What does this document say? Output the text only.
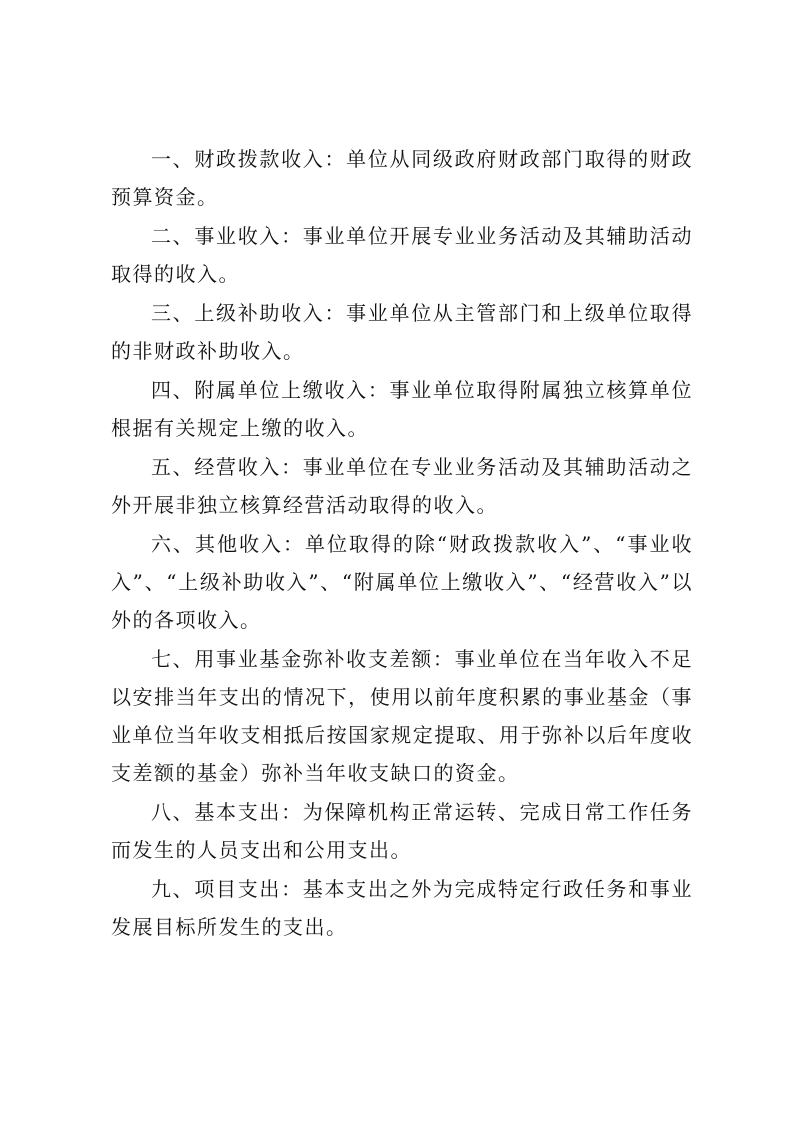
一、财政拨款收入：单位从同级政府财政部门取得的财政预算资金。

二、事业收入：事业单位开展专业业务活动及其辅助活动取得的收入。

三、上级补助收入：事业单位从主管部门和上级单位取得的非财政补助收入。

四、附属单位上缴收入：事业单位取得附属独立核算单位根据有关规定上缴的收入。

五、经营收入：事业单位在专业业务活动及其辅助活动之外开展非独立核算经营活动取得的收入。

六、其他收入：单位取得的除“财政拨款收入”、“事业收入”、“上级补助收入”、“附属单位上缴收入”、“经营收入”以外的各项收入。

七、用事业基金弥补收支差额：事业单位在当年收入不足以安排当年支出的情况下，使用以前年度积累的事业基金（事业单位当年收支相抵后按国家规定提取、用于弥补以后年度收支差额的基金）弥补当年收支缺口的资金。

八、基本支出：为保障机构正常运转、完成日常工作任务而发生的人员支出和公用支出。

九、项目支出：基本支出之外为完成特定行政任务和事业发展目标所发生的支出。
